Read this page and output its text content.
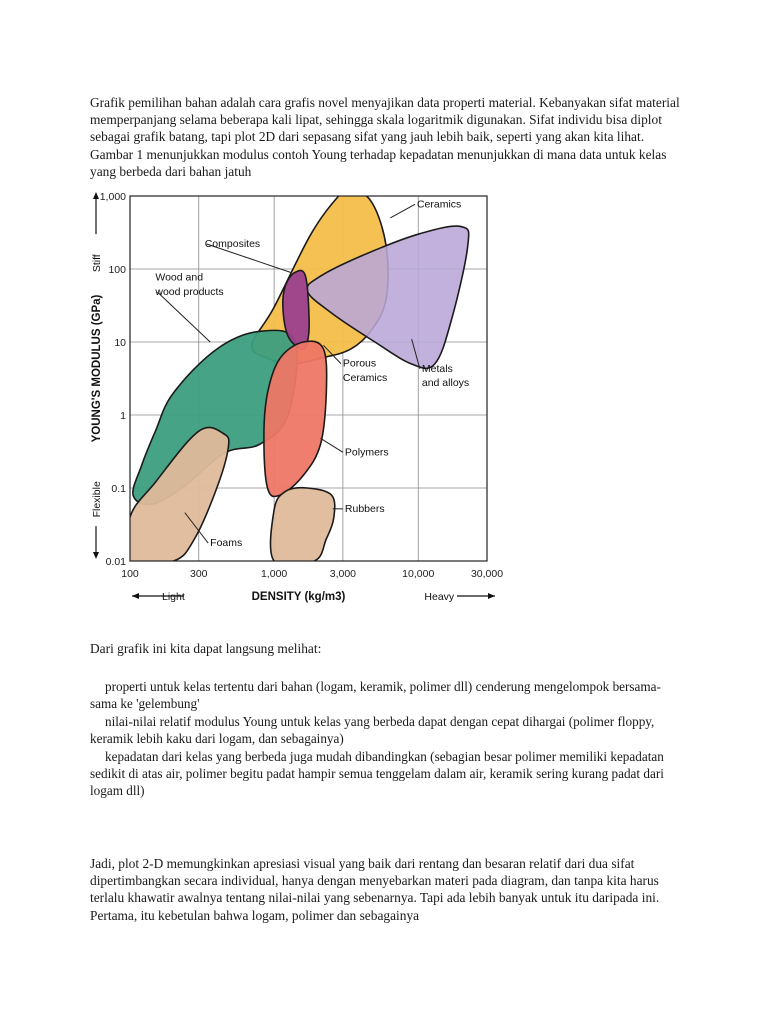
Grafik pemilihan bahan adalah cara grafis novel menyajikan data properti material. Kebanyakan sifat material memperpanjang selama beberapa kali lipat, sehingga skala logaritmik digunakan. Sifat individu bisa diplot sebagai grafik batang, tapi plot 2D dari sepasang sifat yang jauh lebih baik, seperti yang akan kita lihat. Gambar 1 menunjukkan modulus contoh Young terhadap kepadatan menunjukkan di mana data untuk kelas yang berbeda dari bahan jatuh

100	300	1,000	3,000	10,000	30,000
1,000
100
10
1
0.1
0.01
Ceramics
Composites
Wood and
wood products
Porous
Ceramics
Metals
and alloys
Polymers
Foams
Rubbers
DENSITY (kg/m3)
Light	Heavy
YOUNG'S MODULUS (GPa)
Stiff
Flexible

Dari grafik ini kita dapat langsung melihat:

properti untuk kelas tertentu dari bahan (logam, keramik, polimer dll) cenderung mengelompok bersama-sama ke 'gelembung'

nilai-nilai relatif modulus Young untuk kelas yang berbeda dapat dengan cepat dihargai (polimer floppy, keramik lebih kaku dari logam, dan sebagainya)

kepadatan dari kelas yang berbeda juga mudah dibandingkan (sebagian besar polimer memiliki kepadatan sedikit di atas air, polimer begitu padat hampir semua tenggelam dalam air, keramik sering kurang padat dari logam dll)

Jadi, plot 2-D memungkinkan apresiasi visual yang baik dari rentang dan besaran relatif dari dua sifat dipertimbangkan secara individual, hanya dengan menyebarkan materi pada diagram, dan tanpa kita harus terlalu khawatir awalnya tentang nilai-nilai yang sebenarnya. Tapi ada lebih banyak untuk itu daripada ini. Pertama, itu kebetulan bahwa logam, polimer dan sebagainya
